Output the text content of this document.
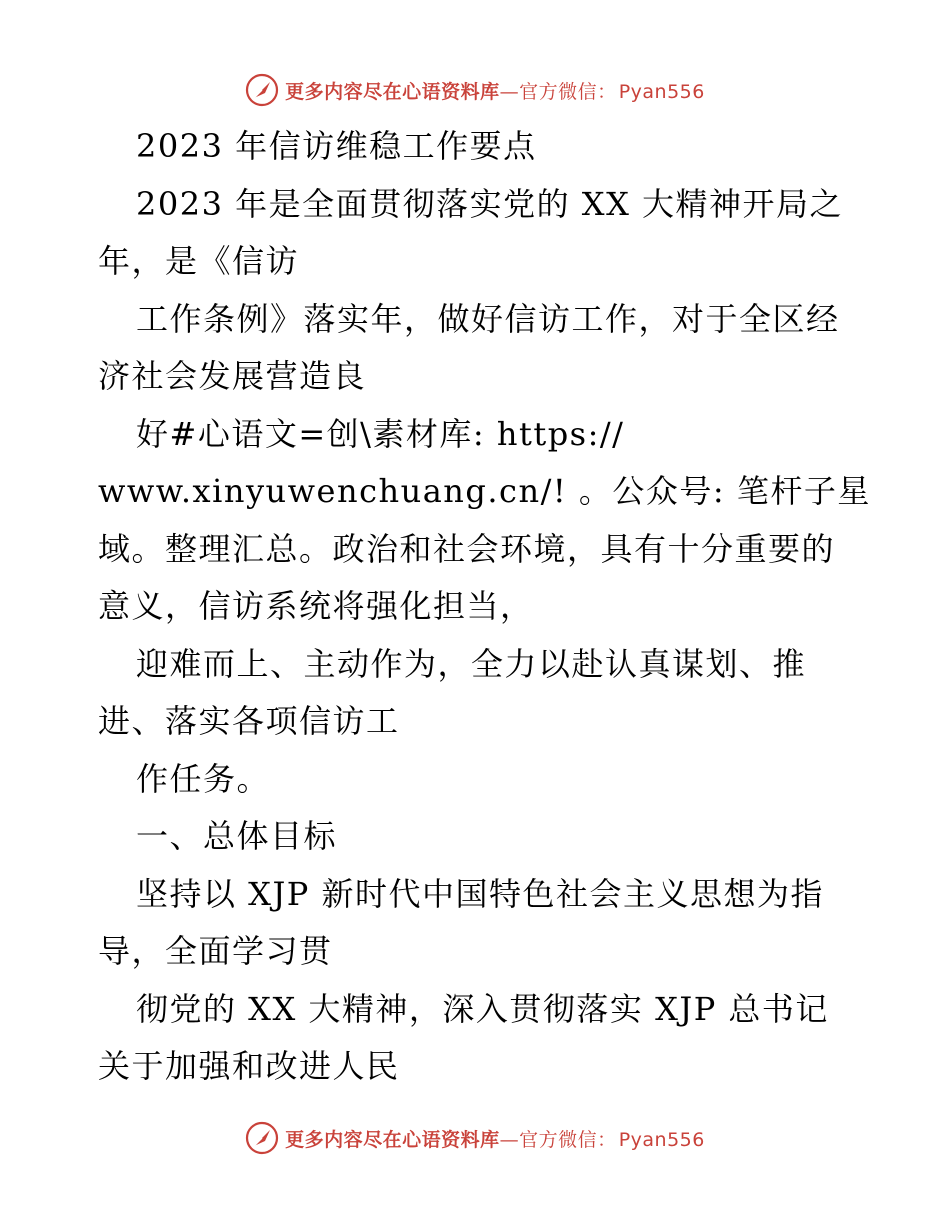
更多内容尽在心语资料库—官方微信： Pyan556
2023 年信访维稳工作要点
2023 年是全面贯彻落实党的 XX 大精神开局之
年，是《信访
工作条例》落实年，做好信访工作，对于全区经
济社会发展营造良
好#心语文=创\素材库: https://
www.xinyuwenchuang.cn/! 。公众号: 笔杆子星
域。整理汇总。政治和社会环境，具有十分重要的
意义，信访系统将强化担当，
迎难而上、主动作为，全力以赴认真谋划、推
进、落实各项信访工
作任务。
一、总体目标
坚持以 XJP 新时代中国特色社会主义思想为指
导，全面学习贯
彻党的 XX 大精神，深入贯彻落实 XJP 总书记
关于加强和改进人民
更多内容尽在心语资料库—官方微信： Pyan556
